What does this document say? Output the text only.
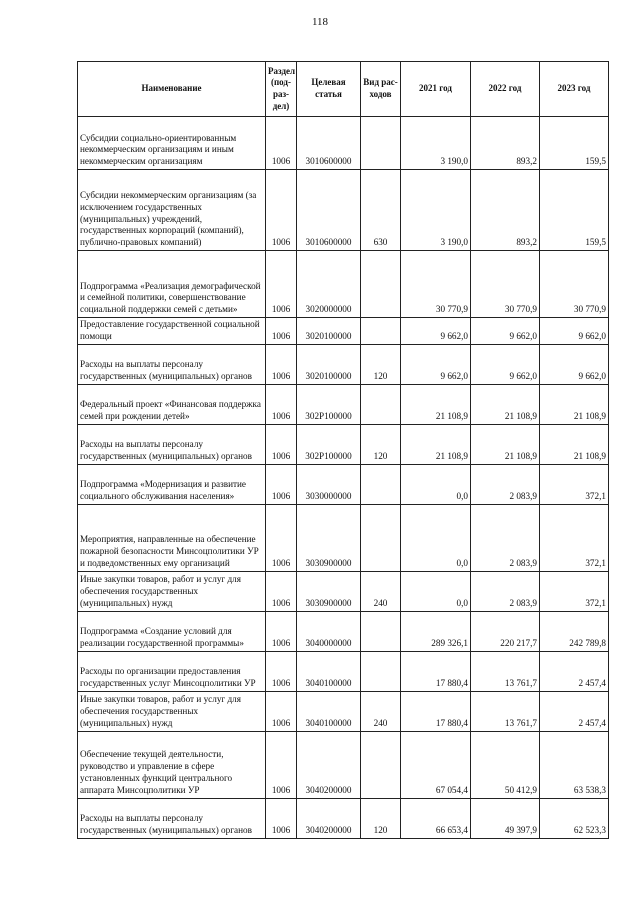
118
Наименование	Раздел (под-раз-дел)	Целевая статья	Вид рас-ходов	2021 год	2022 год	2023 год
Субсидии социально-ориентированным некоммерческим организациям и иным некоммерческим организациям	1006	3010600000		3 190,0	893,2	159,5
Субсидии некоммерческим организациям (за исключением государственных (муниципальных) учреждений, государственных корпораций (компаний), публично-правовых компаний)	1006	3010600000	630	3 190,0	893,2	159,5
Подпрограмма «Реализация демографической и семейной политики, совершенствование социальной поддержки семей с детьми»	1006	3020000000		30 770,9	30 770,9	30 770,9
Предоставление государственной социальной помощи	1006	3020100000		9 662,0	9 662,0	9 662,0
Расходы на выплаты персоналу государственных (муниципальных) органов	1006	3020100000	120	9 662,0	9 662,0	9 662,0
Федеральный проект «Финансовая поддержка семей при рождении детей»	1006	302P100000		21 108,9	21 108,9	21 108,9
Расходы на выплаты персоналу государственных (муниципальных) органов	1006	302P100000	120	21 108,9	21 108,9	21 108,9
Подпрограмма «Модернизация и развитие социального обслуживания населения»	1006	3030000000		0,0	2 083,9	372,1
Мероприятия, направленные на обеспечение пожарной безопасности Минсоцполитики УР и подведомственных ему организаций	1006	3030900000		0,0	2 083,9	372,1
Иные закупки товаров, работ и услуг для обеспечения государственных (муниципальных) нужд	1006	3030900000	240	0,0	2 083,9	372,1
Подпрограмма «Создание условий для реализации государственной программы»	1006	3040000000		289 326,1	220 217,7	242 789,8
Расходы по организации предоставления государственных услуг Минсоцполитики УР	1006	3040100000		17 880,4	13 761,7	2 457,4
Иные закупки товаров, работ и услуг для обеспечения государственных (муниципальных) нужд	1006	3040100000	240	17 880,4	13 761,7	2 457,4
Обеспечение текущей деятельности, руководство и управление в сфере установленных функций центрального аппарата Минсоцполитики УР	1006	3040200000		67 054,4	50 412,9	63 538,3
Расходы на выплаты персоналу государственных (муниципальных) органов	1006	3040200000	120	66 653,4	49 397,9	62 523,3
